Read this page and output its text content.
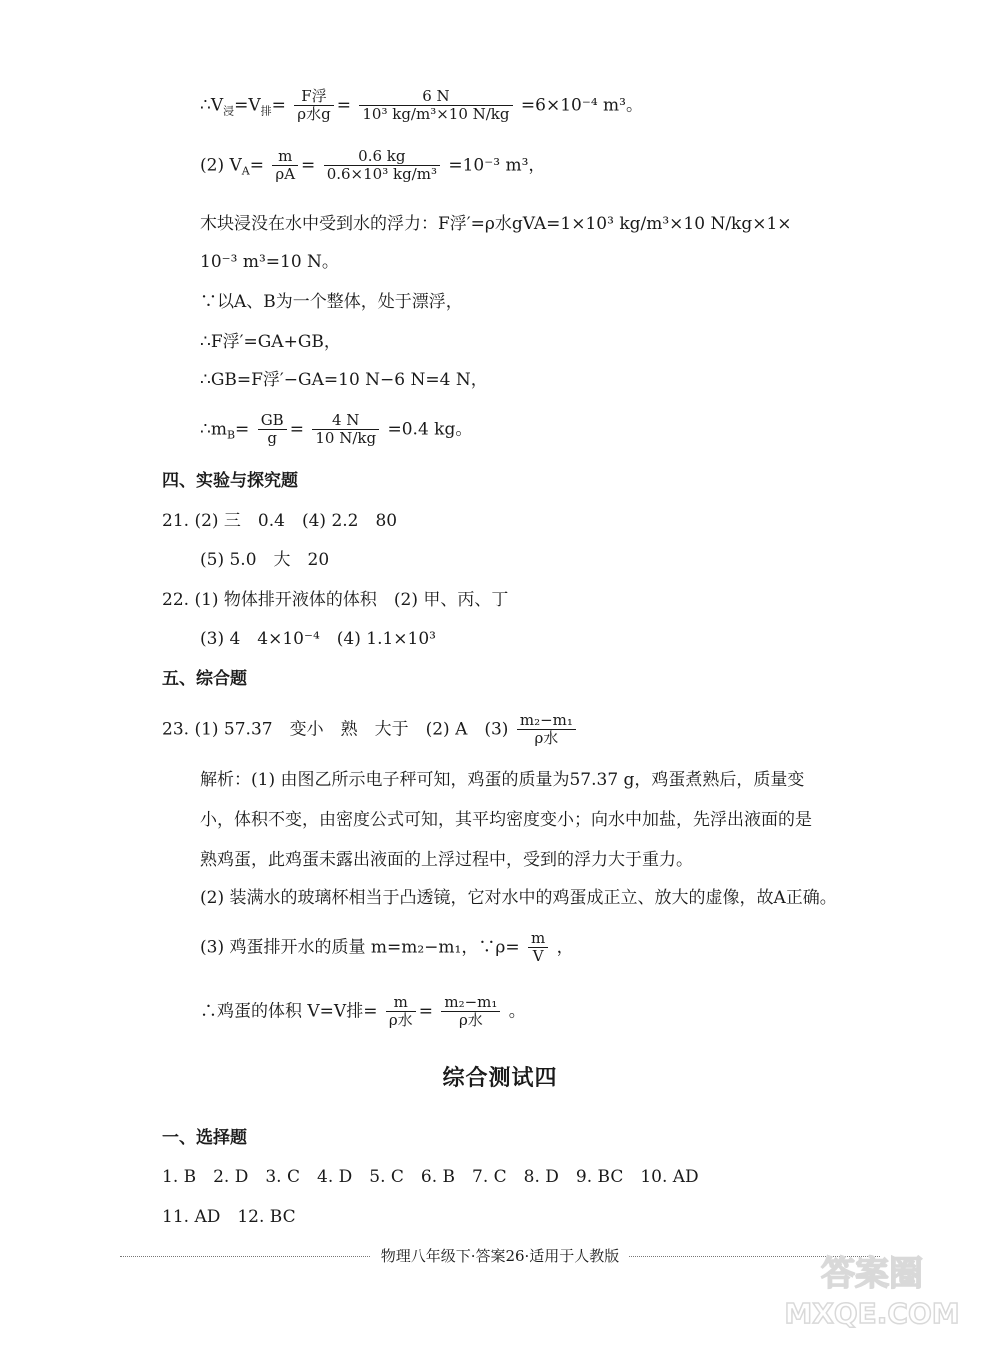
$\therefore V_浸=V_排= \frac{\text{F浮}}{\text{ρ水g}} = \frac{6 N}{\text{10³ kg/m³×10 N/kg}} =6\times 10^{-4}$ m³。
(2) $V_A= \frac{m}{\rho A} = \frac{0.6 kg}{\text{0.6×10³ kg/m³}} =10^{-3}$ m³，
木块浸没在水中受到水的浮力：F浮′=ρ水gVA=1×10³ kg/m³×10 N/kg×1×
10⁻³ m³=10 N。
∵以A、B为一个整体，处于漂浮，
∴F浮′=GA+GB，
∴GB=F浮′−GA=10 N−6 N=4 N，
$\therefore m_B= \frac{GB}{g} = \frac{4 N}{10 N/kg} =0.4$ kg。
四、实验与探究题
21. (2) 三　0.4　(4) 2.2　80
(5) 5.0　大　20
22. (1) 物体排开液体的体积　(2) 甲、丙、丁
(3) 4　4×10⁻⁴　(4) 1.1×10³
五、综合题
23. (1) 57.37　变小　熟　大于　(2) A　$(3) \frac{\text{m₂−m₁}}{\text{ρ水}}$
解析：(1) 由图乙所示电子秤可知，鸡蛋的质量为57.37 g，鸡蛋煮熟后，质量变
小，体积不变，由密度公式可知，其平均密度变小；向水中加盐，先浮出液面的是
熟鸡蛋，此鸡蛋未露出液面的上浮过程中，受到的浮力大于重力。
(2) 装满水的玻璃杯相当于凸透镜，它对水中的鸡蛋成正立、放大的虚像，故A正确。
(3) 鸡蛋排开水的质量 m=m₂−m₁，∵ρ= $\frac{m}{V}$ ，
∴鸡蛋的体积 V=V排= $\frac{m}{\text{ρ水}} = \frac{\text{m₂−m₁}}{\text{ρ水}}$ 。
综合测试四
一、选择题
1. B　2. D　3. C　4. D　5. C　6. B　7. C　8. D　9. BC　10. AD
11. AD　12. BC
物理八年级下·答案26·适用于人教版	答案圈
MXQE.COM
